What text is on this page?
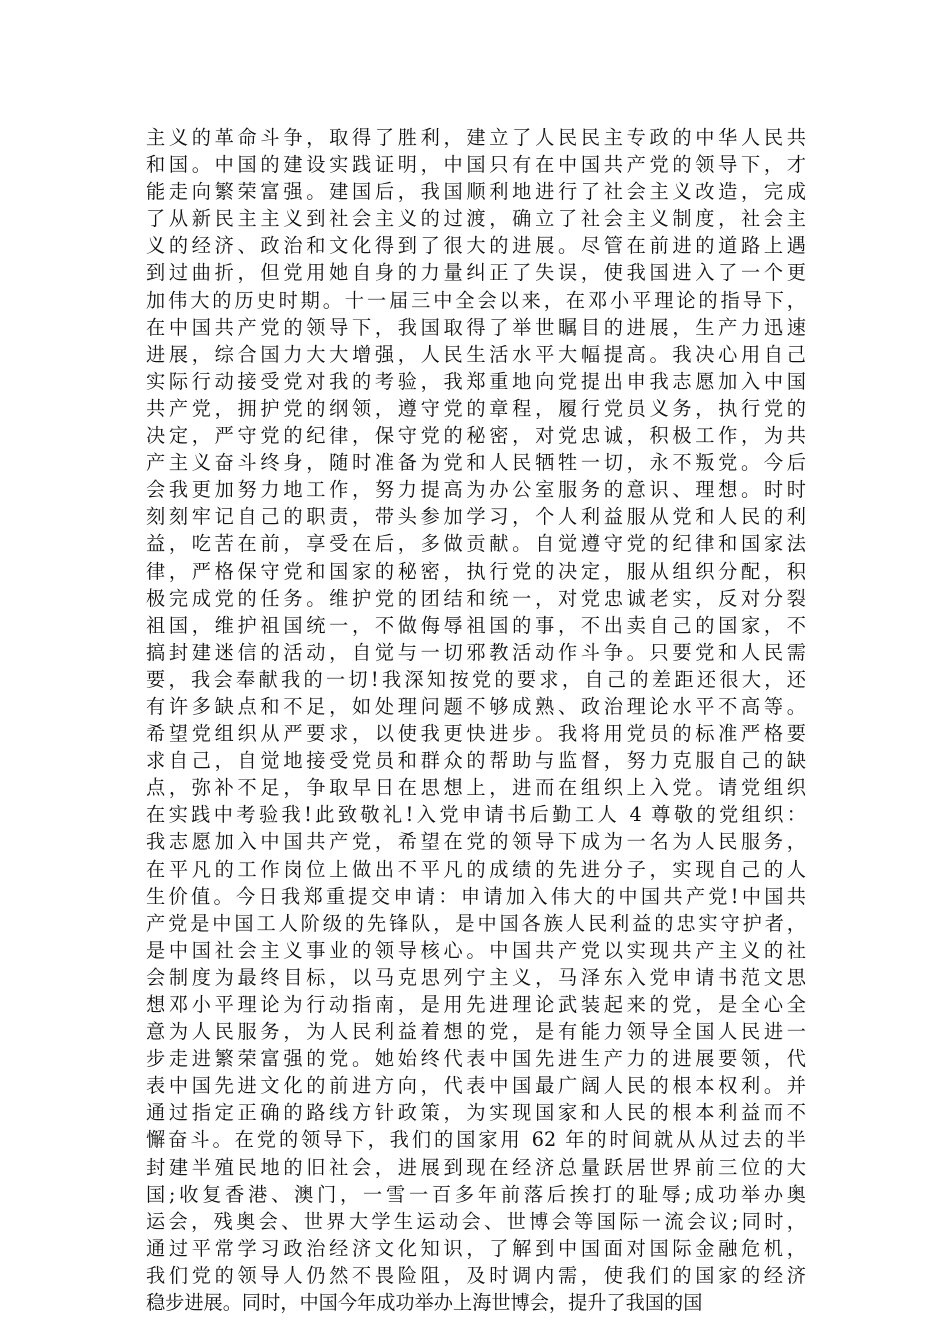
主义的革命斗争，取得了胜利，建立了人民民主专政的中华人民共
和国。中国的建设实践证明，中国只有在中国共产党的领导下，才
能走向繁荣富强。建国后，我国顺利地进行了社会主义改造，完成
了从新民主主义到社会主义的过渡，确立了社会主义制度，社会主
义的经济、政治和文化得到了很大的进展。尽管在前进的道路上遇
到过曲折，但党用她自身的力量纠正了失误，使我国进入了一个更
加伟大的历史时期。十一届三中全会以来，在邓小平理论的指导下，
在中国共产党的领导下，我国取得了举世瞩目的进展，生产力迅速
进展，综合国力大大增强，人民生活水平大幅提高。我决心用自己
实际行动接受党对我的考验，我郑重地向党提出申我志愿加入中国
共产党，拥护党的纲领，遵守党的章程，履行党员义务，执行党的
决定，严守党的纪律，保守党的秘密，对党忠诚，积极工作，为共
产主义奋斗终身，随时准备为党和人民牺牲一切，永不叛党。今后
会我更加努力地工作，努力提高为办公室服务的意识、理想。时时
刻刻牢记自己的职责，带头参加学习，个人利益服从党和人民的利
益，吃苦在前，享受在后，多做贡献。自觉遵守党的纪律和国家法
律，严格保守党和国家的秘密，执行党的决定，服从组织分配，积
极完成党的任务。维护党的团结和统一，对党忠诚老实，反对分裂
祖国，维护祖国统一，不做侮辱祖国的事，不出卖自己的国家，不
搞封建迷信的活动，自觉与一切邪教活动作斗争。只要党和人民需
要，我会奉献我的一切!我深知按党的要求，自己的差距还很大，还
有许多缺点和不足，如处理问题不够成熟、政治理论水平不高等。
希望党组织从严要求，以使我更快进步。我将用党员的标准严格要
求自己，自觉地接受党员和群众的帮助与监督，努力克服自己的缺
点，弥补不足，争取早日在思想上，进而在组织上入党。请党组织
在实践中考验我!此致敬礼!入党申请书后勤工人 4 尊敬的党组织：
我志愿加入中国共产党，希望在党的领导下成为一名为人民服务，
在平凡的工作岗位上做出不平凡的成绩的先进分子，实现自己的人
生价值。今日我郑重提交申请：申请加入伟大的中国共产党!中国共
产党是中国工人阶级的先锋队，是中国各族人民利益的忠实守护者，
是中国社会主义事业的领导核心。中国共产党以实现共产主义的社
会制度为最终目标，以马克思列宁主义，马泽东入党申请书范文思
想邓小平理论为行动指南，是用先进理论武装起来的党，是全心全
意为人民服务，为人民利益着想的党，是有能力领导全国人民进一
步走进繁荣富强的党。她始终代表中国先进生产力的进展要领，代
表中国先进文化的前进方向，代表中国最广阔人民的根本权利。并
通过指定正确的路线方针政策，为实现国家和人民的根本利益而不
懈奋斗。在党的领导下，我们的国家用 62 年的时间就从从过去的半
封建半殖民地的旧社会，进展到现在经济总量跃居世界前三位的大
国;收复香港、澳门，一雪一百多年前落后挨打的耻辱;成功举办奥
运会，残奥会、世界大学生运动会、世博会等国际一流会议;同时，
通过平常学习政治经济文化知识，了解到中国面对国际金融危机，
我们党的领导人仍然不畏险阻，及时调内需，使我们的国家的经济
稳步进展。同时，中国今年成功举办上海世博会，提升了我国的国
